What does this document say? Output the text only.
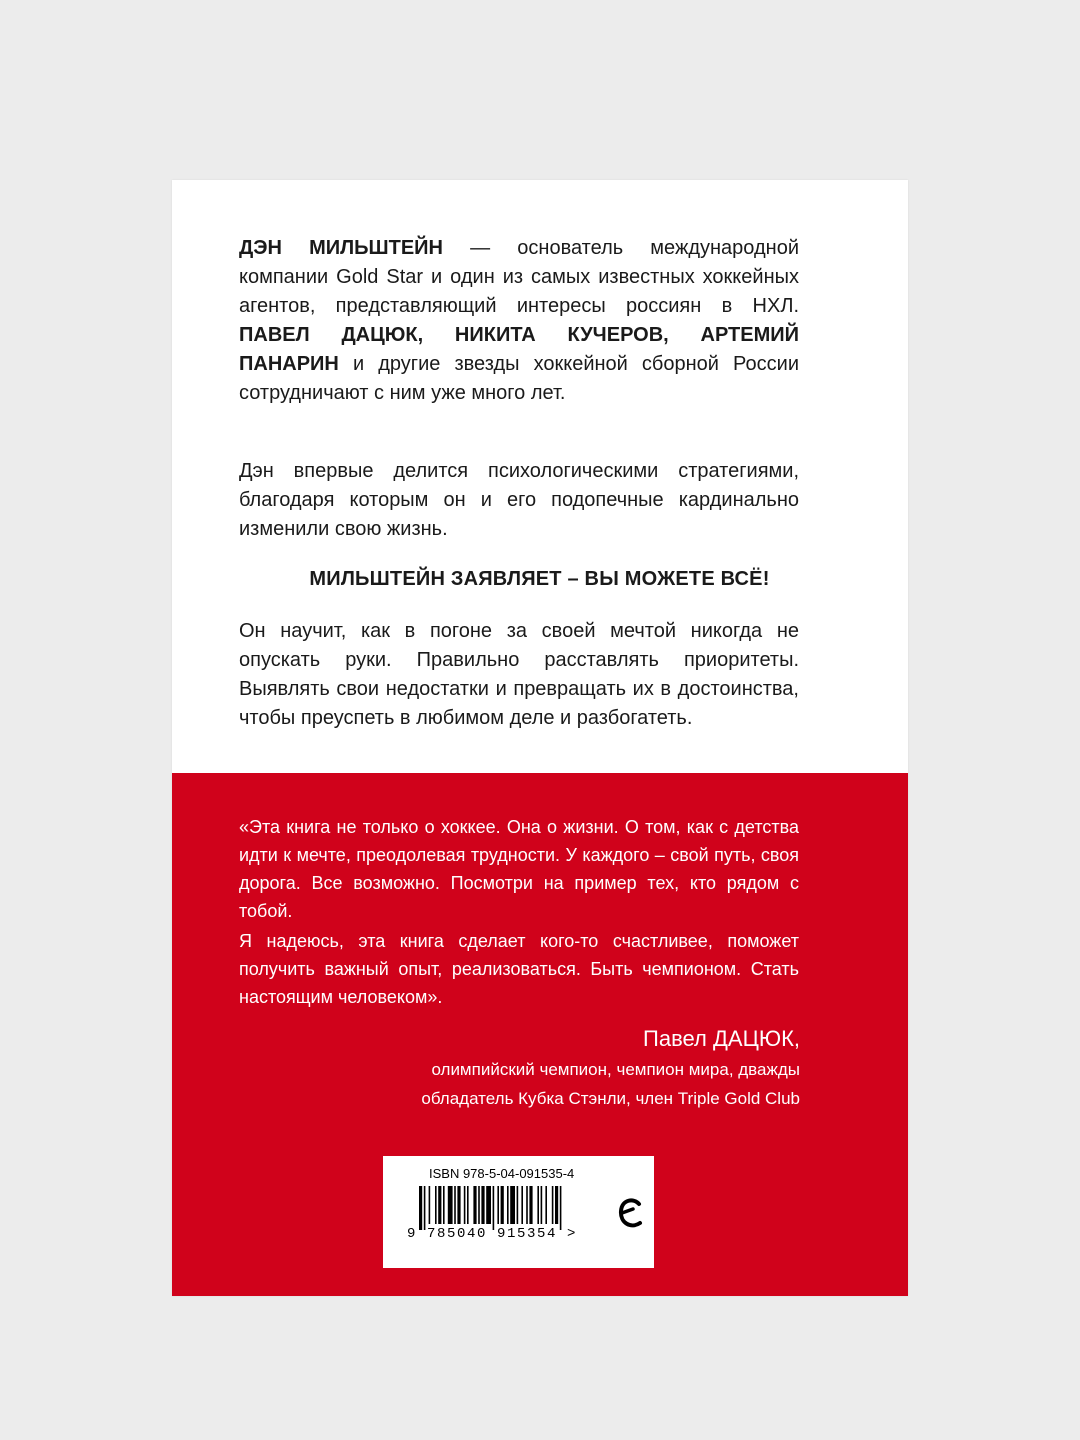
ДЭН МИЛЬШТЕЙН — основатель международной компании Gold Star и один из самых известных хоккейных агентов, представляющий интересы россиян в НХЛ. ПАВЕЛ ДАЦЮК, НИКИТА КУЧЕРОВ, АРТЕМИЙ ПАНАРИН и другие звезды хоккейной сборной России сотрудничают с ним уже много лет.

Дэн впервые делится психологическими стратегиями, благодаря которым он и его подопечные кардинально изменили свою жизнь.

МИЛЬШТЕЙН ЗАЯВЛЯЕТ – ВЫ МОЖЕТЕ ВСЁ!

Он научит, как в погоне за своей мечтой никогда не опускать руки. Правильно расставлять приоритеты. Выявлять свои недостатки и превращать их в достоинства, чтобы преуспеть в любимом деле и разбогатеть.

«Эта книга не только о хоккее. Она о жизни. О том, как с детства идти к мечте, преодолевая трудности. У каждого – свой путь, своя дорога. Все возможно. Посмотри на пример тех, кто рядом с тобой.

Я надеюсь, эта книга сделает кого-то счастливее, поможет получить важный опыт, реализоваться. Быть чемпионом. Стать настоящим человеком».

Павел ДАЦЮК,
олимпийский чемпион, чемпион мира, дважды
обладатель Кубка Стэнли, член Triple Gold Club

ISBN 978-5-04-091535-4

9 785040 915354 >
